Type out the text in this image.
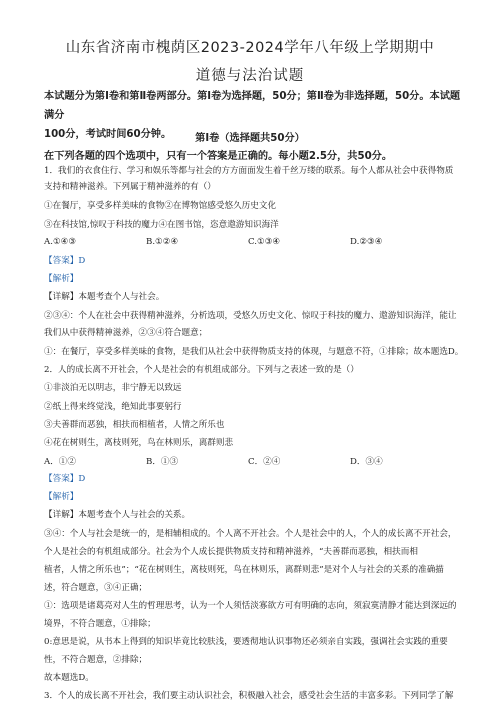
山东省济南市槐荫区2023-2024学年八年级上学期期中
道德与法治试题
本试题分为第Ⅰ卷和第Ⅱ卷两部分。第Ⅰ卷为选择题，50分；第Ⅱ卷为非选择题，50分。本试题满分
100分，考试时间60分钟。	第Ⅰ卷（选择题共50分）
在下列各题的四个选项中，只有一个答案是正确的。每小题2.5分，共50分。
1．我们的衣食住行、学习和娱乐等都与社会的方方面面发生着千丝万缕的联系。每个人都从社会中获得物质
支持和精神滋养。下列属于精神滋养的有（）
①在餐厅，享受多样美味的食物②在博物馆感受悠久历史文化
③在科技馆,惊叹于科技的魔力④在图书馆，恣意遨游知识海洋
A.①④③	B.①②④	C.①③④	D.②③④
【答案】D
【解析】
【详解】本题考查个人与社会。
②③④：个人在社会中获得精神滋养，分析选项，受悠久历史文化、惊叹于科技的魔力、遨游知识海洋，能让
我们从中获得精神滋养，②③④符合题意；
①：在餐厅，享受多样美味的食物，是我们从社会中获得物质支持的体现，与题意不符，①排除；故本题选D。
2．人的成长离不开社会，个人是社会的有机组成部分。下列与之表述一致的是（）
①非淡泊无以明志，非宁静无以致远
②纸上得来终觉浅，绝知此事要躬行
③夫善群而恶独，相扶而相植者，人情之所乐也
④花在树则生，离枝则死，鸟在林则乐，离群则悲
A．①②	B．①③	C．②④	D．③④
【答案】D
【解析】
【详解】本题考查个人与社会的关系。
③④：个人与社会是统一的，是相辅相成的。个人离不开社会。个人是社会中的人，个人的成长离不开社会，
个人是社会的有机组成部分。社会为个人成长提供物质支持和精神滋养，“夫善群而恶独，相扶而相
植者，人情之所乐也”；“花在树则生，离枝则死，鸟在林则乐，离群则悲”是对个人与社会的关系的准确描
述，符合题意，③④正确；
①：选项是诸葛亮对人生的哲理思考，认为一个人须恬淡寡欲方可有明确的志向，须寂寞清静才能达到深远的
境界，不符合题意，①排除；
0:意思是说，从书本上得到的知识毕竟比较肤浅，要透彻地认识事物还必须亲自实践，强调社会实践的重要
性，不符合题意，②排除；
故本题选D。
3．个人的成长离不开社会，我们要主动认识社会，积极融入社会，感受社会生活的丰富多彩。下列同学了解
